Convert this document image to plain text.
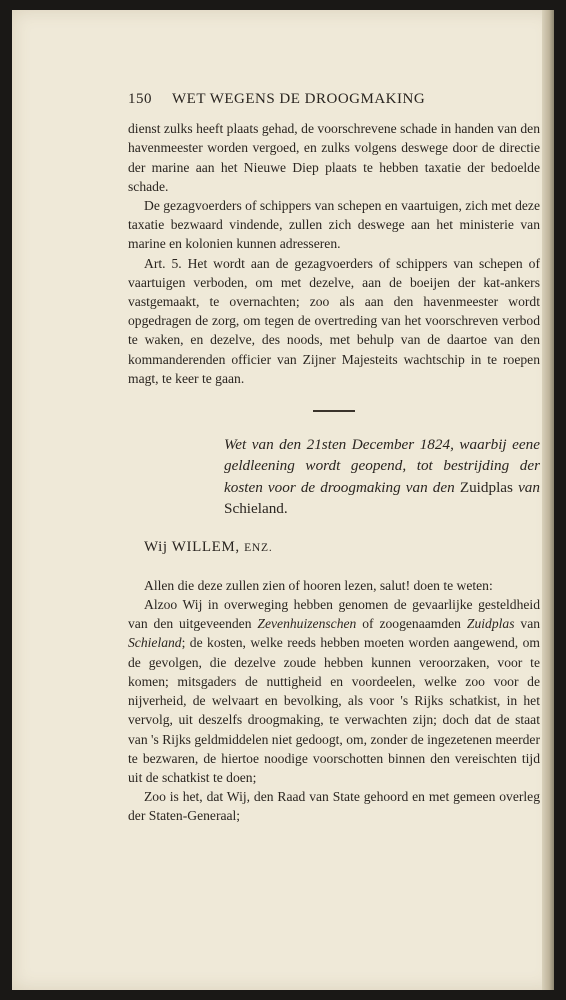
150	WET WEGENS DE DROOGMAKING
dienst zulks heeft plaats gehad, de voorschrevene schade in handen van den havenmeester worden vergoed, en zulks volgens deswege door de directie der marine aan het Nieuwe Diep plaats te hebben taxatie der bedoelde schade.
De gezagvoerders of schippers van schepen en vaartuigen, zich met deze taxatie bezwaard vindende, zullen zich deswege aan het ministerie van marine en kolonien kunnen adresseren.
Art. 5. Het wordt aan de gezagvoerders of schippers van schepen of vaartuigen verboden, om met dezelve, aan de boeijen der kat-ankers vastgemaakt, te overnachten; zoo als aan den havenmeester wordt opgedragen de zorg, om tegen de overtreding van het voorschreven verbod te waken, en dezelve, des noods, met behulp van de daartoe van den kommanderenden officier van Zijner Majesteits wachtschip in te roepen magt, te keer te gaan.
Wet van den 21sten December 1824, waarbij eene geldleening wordt geopend, tot bestrijding der kosten voor de droogmaking van den Zuidplas van Schieland.
Wij WILLEM, ENZ.
Allen die deze zullen zien of hooren lezen, salut! doen te weten:
Alzoo Wij in overweging hebben genomen de gevaarlijke gesteldheid van den uitgeveenden Zevenhuizenschen of zoogenaamden Zuidplas van Schieland; de kosten, welke reeds hebben moeten worden aangewend, om de gevolgen, die dezelve zoude hebben kunnen veroorzaken, voor te komen; mitsgaders de nuttigheid en voordeelen, welke zoo voor de nijverheid, de welvaart en bevolking, als voor 's Rijks schatkist, in het vervolg, uit deszelfs droogmaking, te verwachten zijn; doch dat de staat van 's Rijks geldmiddelen niet gedoogt, om, zonder de ingezetenen meerder te bezwaren, de hiertoe noodige voorschotten binnen den vereischten tijd uit de schatkist te doen;
Zoo is het, dat Wij, den Raad van State gehoord en met gemeen overleg der Staten-Generaal;
